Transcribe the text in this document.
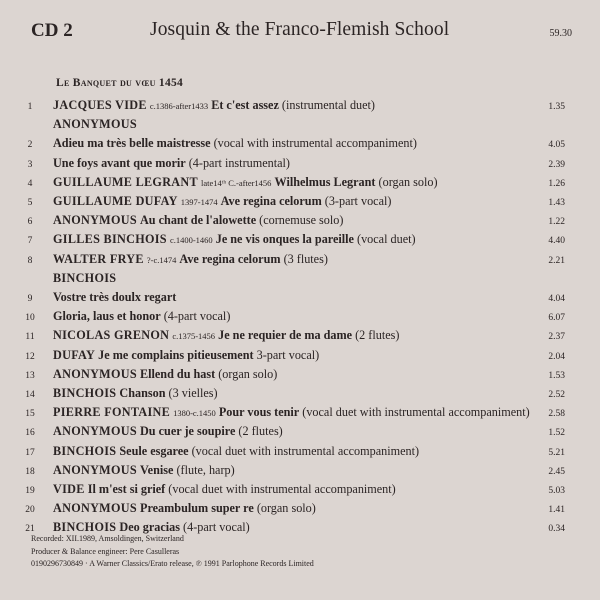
CD 2	Josquin & the Franco-Flemish School	59.30
Le Banquet du vœu 1454
1	JACQUES VIDE c.1386-after1433 Et c'est assez (instrumental duet)	1.35
ANONYMOUS
2	Adieu ma très belle maistresse (vocal with instrumental accompaniment)	4.05
3	Une foys avant que morir (4-part instrumental)	2.39
4	GUILLAUME LEGRANT late14ᵗʰ C.-after1456 Wilhelmus Legrant (organ solo)	1.26
5	GUILLAUME DUFAY 1397-1474 Ave regina celorum (3-part vocal)	1.43
6	ANONYMOUS Au chant de l'alowette (cornemuse solo)	1.22
7	GILLES BINCHOIS c.1400-1460 Je ne vis onques la pareille (vocal duet)	4.40
8	WALTER FRYE ?-c.1474 Ave regina celorum (3 flutes)	2.21
BINCHOIS
9	Vostre très doulx regart	4.04
10	Gloria, laus et honor (4-part vocal)	6.07
11	NICOLAS GRENON c.1375-1456 Je ne requier de ma dame (2 flutes)	2.37
12	DUFAY Je me complains pitieusement 3-part vocal)	2.04
13	ANONYMOUS Ellend du hast (organ solo)	1.53
14	BINCHOIS Chanson (3 vielles)	2.52
15	PIERRE FONTAINE 1380-c.1450 Pour vous tenir (vocal duet with instrumental accompaniment) 2.58
16	ANONYMOUS Du cuer je soupire (2 flutes)	1.52
17	BINCHOIS Seule esgaree (vocal duet with instrumental accompaniment)	5.21
18	ANONYMOUS Venise (flute, harp)	2.45
19	VIDE Il m'est si grief (vocal duet with instrumental accompaniment)	5.03
20	ANONYMOUS Preambulum super re (organ solo)	1.41
21	BINCHOIS Deo gracias (4-part vocal)	0.34
Recorded: XII.1989, Amsoldingen, Switzerland
Producer & Balance engineer: Pere Casulleras
0190296730849 · A Warner Classics/Erato release, ℗ 1991 Parlophone Records Limited
